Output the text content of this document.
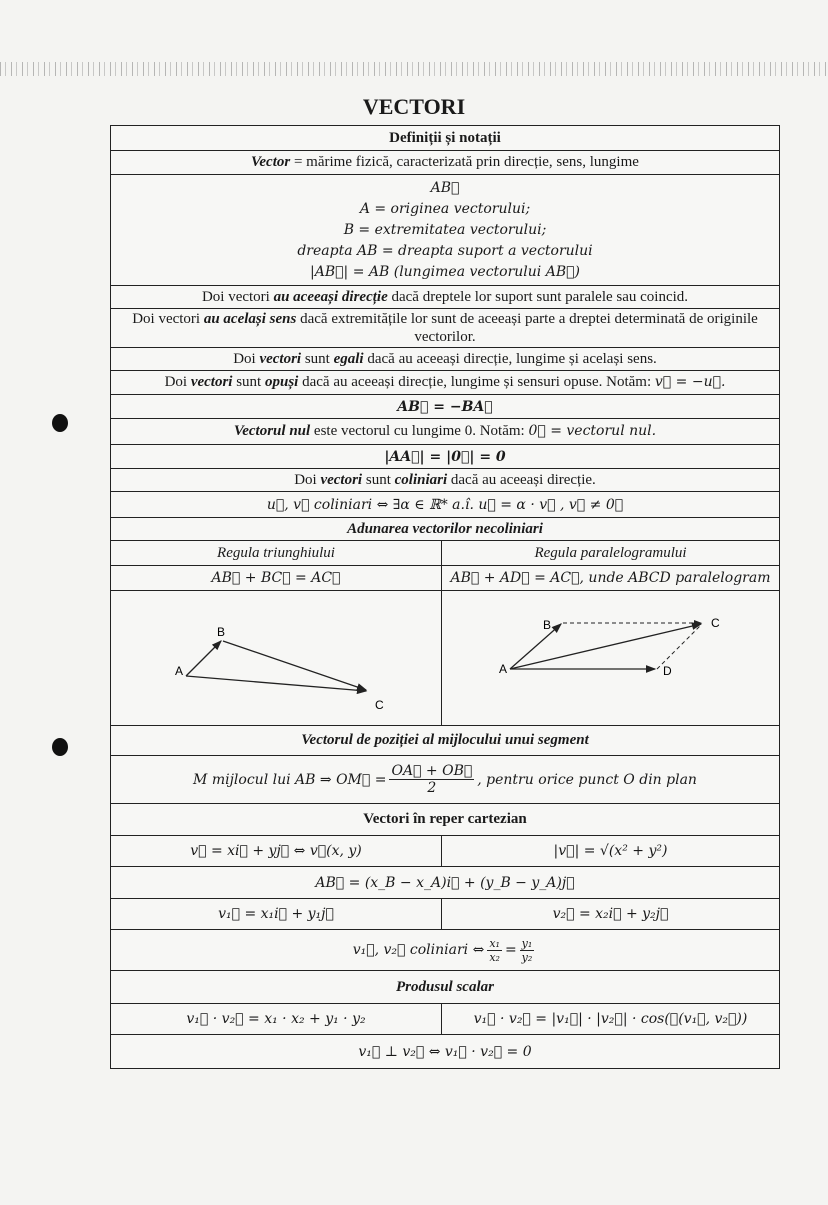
VECTORI
Definiții și notații
Vector = mărime fizică, caracterizată prin direcție, sens, lungime
AB⃗
A = originea vectorului;
B = extremitatea vectorului;
dreapta AB = dreapta suport a vectorului
|AB⃗| = AB (lungimea vectorului AB⃗)
Doi vectori au aceeași direcție dacă dreptele lor suport sunt paralele sau coincid.
Doi vectori au același sens dacă extremitățile lor sunt de aceeași parte a dreptei determinată de originile vectorilor.
Doi vectori sunt egali dacă au aceeași direcție, lungime și același sens.
Doi vectori sunt opuși dacă au aceeași direcție, lungime și sensuri opuse. Notăm: v⃗ = −u⃗.
AB⃗ = −BA⃗
Vectorul nul este vectorul cu lungime 0. Notăm: 0⃗ = vectorul nul.
|AA⃗| = |0⃗| = 0
Doi vectori sunt coliniari dacă au aceeași direcție.
u⃗, v⃗ coliniari ⇔ ∃α ∈ ℝ* a.î. u⃗ = α · v⃗ , v⃗ ≠ 0⃗
Adunarea vectorilor necoliniari
Regula triunghiului	Regula paralelogramului
AB⃗ + BC⃗ = AC⃗	AB⃗ + AD⃗ = AC⃗, unde ABCD paralelogram
A
B
C
A
B	C
D
Vectorul de poziției al mijlocului unui segment
M mijlocul lui AB ⇒ OM⃗ = $\frac{OA⃗ + OB⃗}{2}$ , pentru orice punct O din plan
Vectori în reper cartezian
v⃗ = xi⃗ + yj⃗ ⇔ v⃗(x, y)	|v⃗| = √(x² + y²)
AB⃗ = (x_B − x_A)i⃗ + (y_B − y_A)j⃗
v₁⃗ = x₁i⃗ + y₁j⃗	v₂⃗ = x₂i⃗ + y₂j⃗
v₁⃗, v₂⃗ coliniari ⇔ $\frac{\text{x₁}}{\text{x₂}} = \frac{\text{y₁}}{\text{y₂}}$
Produsul scalar
v₁⃗ · v₂⃗ = x₁ · x₂ + y₁ · y₂	v₁⃗ · v₂⃗ = |v₁⃗| · |v₂⃗| · cos(∢(v₁⃗, v₂⃗))
v₁⃗ ⊥ v₂⃗ ⇔ v₁⃗ · v₂⃗ = 0
